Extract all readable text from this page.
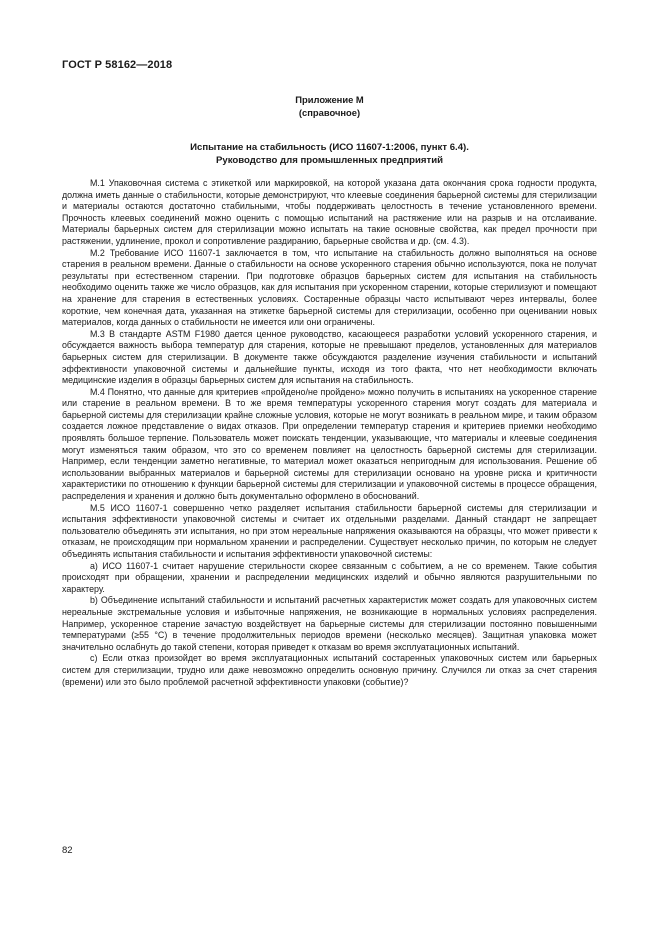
ГОСТ Р 58162—2018
Приложение M
(справочное)
Испытание на стабильность (ИСО 11607-1:2006, пункт 6.4).
Руководство для промышленных предприятий

М.1 Упаковочная система с этикеткой или маркировкой, на которой указана дата окончания срока годности продукта, должна иметь данные о стабильности, которые демонстрируют, что клеевые соединения барьерной системы для стерилизации и материалы остаются достаточно стабильными, чтобы поддерживать целостность в течение установленного времени. Прочность клеевых соединений можно оценить с помощью испытаний на растяжение или на разрыв и на отслаивание. Материалы барьерных систем для стерилизации можно испытать на такие основные свойства, как предел прочности при растяжении, удлинение, прокол и сопротивление раздиранию, барьерные свойства и др. (см. 4.3).

М.2 Требование ИСО 11607-1 заключается в том, что испытание на стабильность должно выполняться на основе старения в реальном времени. Данные о стабильности на основе ускоренного старения обычно используются, пока не получат результаты при естественном старении. При подготовке образцов барьерных систем для испытания на стабильность необходимо оценить также же число образцов, как для испытания при ускоренном старении, которые стерилизуют и помещают на хранение для старения в естественных условиях. Состаренные образцы часто испытывают через интервалы, более короткие, чем конечная дата, указанная на этикетке барьерной системы для стерилизации, особенно при оценивании новых материалов, когда данных о стабильности не имеется или они ограничены.

М.3 В стандарте ASTM F1980 дается ценное руководство, касающееся разработки условий ускоренного старения, и обсуждается важность выбора температур для старения, которые не превышают пределов, установленных для материалов барьерных систем для стерилизации. В документе также обсуждаются разделение изучения стабильности и испытаний эффективности упаковочной системы и дальнейшие пункты, исходя из того факта, что нет необходимости включать медицинские изделия в образцы барьерных систем для испытания на стабильность.

М.4 Понятно, что данные для критериев «пройдено/не пройдено» можно получить в испытаниях на ускоренное старение или старение в реальном времени. В то же время температуры ускоренного старения могут создать для материала и барьерной системы для стерилизации крайне сложные условия, которые не могут возникать в реальном мире, и таким образом создается ложное представление о видах отказов. При определении температур старения и критериев приемки необходимо проявлять большое терпение. Пользователь может поискать тенденции, указывающие, что материалы и клеевые соединения могут изменяться таким образом, что это со временем повлияет на целостность барьерной системы для стерилизации. Например, если тенденции заметно негативные, то материал может оказаться непригодным для использования. Решение об использовании выбранных материалов и барьерной системы для стерилизации основано на уровне риска и критичности характеристики по отношению к функции барьерной системы для стерилизации и упаковочной системы в процессе обращения, распределения и хранения и должно быть документально оформлено в обоснований.

М.5 ИСО 11607-1 совершенно четко разделяет испытания стабильности барьерной системы для стерилизации и испытания эффективности упаковочной системы и считает их отдельными разделами. Данный стандарт не запрещает пользователю объединять эти испытания, но при этом нереальные напряжения оказываются на образцы, что может привести к отказам, не происходящим при нормальном хранении и распределении. Существует несколько причин, по которым не следует объединять испытания стабильности и испытания эффективности упаковочной системы:

а) ИСО 11607-1 считает нарушение стерильности скорее связанным с событием, а не со временем. Такие события происходят при обращении, хранении и распределении медицинских изделий и обычно являются разрушительными по характеру.

b) Объединение испытаний стабильности и испытаний расчетных характеристик может создать для упаковочных систем нереальные экстремальные условия и избыточные напряжения, не возникающие в нормальных условиях распределения. Например, ускоренное старение зачастую воздействует на барьерные системы для стерилизации постоянно повышенными температурами (≥55 °С) в течение продолжительных периодов времени (несколько месяцев). Защитная упаковка может значительно ослабнуть до такой степени, которая приведет к отказам во время эксплуатационных испытаний.

с) Если отказ произойдет во время эксплуатационных испытаний состаренных упаковочных систем или барьерных систем для стерилизации, трудно или даже невозможно определить основную причину. Случился ли отказ за счет старения (времени) или это было проблемой расчетной эффективности упаковки (событие)?

82
